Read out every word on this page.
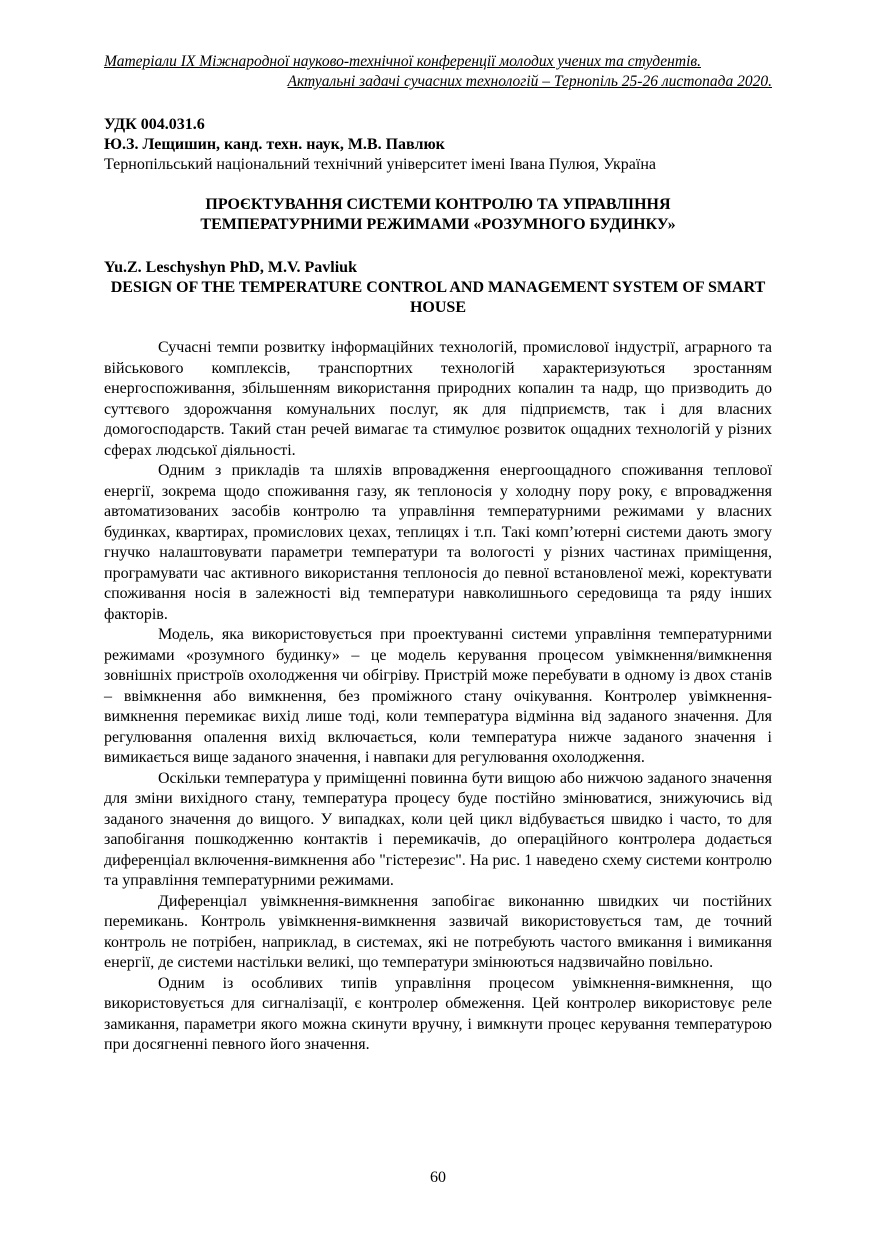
Матеріали IX Міжнародної науково-технічної конференції молодих учених та студентів.
Актуальні задачі сучасних технологій – Тернопіль 25-26 листопада 2020.
УДК 004.031.6
Ю.З. Лещишин, канд. техн. наук, М.В. Павлюк
Тернопільський національний технічний університет імені Івана Пулюя, Україна
ПРОЄКТУВАННЯ СИСТЕМИ КОНТРОЛЮ ТА УПРАВЛІННЯ
ТЕМПЕРАТУРНИМИ РЕЖИМАМИ «РОЗУМНОГО БУДИНКУ»
Yu.Z. Leschyshyn PhD, M.V. Pavliuk
DESIGN OF THE TEMPERATURE CONTROL AND MANAGEMENT SYSTEM OF SMART HOUSE

Сучасні темпи розвитку інформаційних технологій, промислової індустрії, аграрного та військового комплексів, транспортних технологій характеризуються зростанням енергоспоживання, збільшенням використання природних копалин та надр, що призводить до суттєвого здорожчання комунальних послуг, як для підприємств, так і для власних домогосподарств. Такий стан речей вимагає та стимулює розвиток ощадних технологій у різних сферах людської діяльності.

Одним з прикладів та шляхів впровадження енергоощадного споживання теплової енергії, зокрема щодо споживання газу, як теплоносія у холодну пору року, є впровадження автоматизованих засобів контролю та управління температурними режимами у власних будинках, квартирах, промислових цехах, теплицях і т.п. Такі комп’ютерні системи дають змогу гнучко налаштовувати параметри температури та вологості у різних частинах приміщення, програмувати час активного використання теплоносія до певної встановленої межі, коректувати споживання носія в залежності від температури навколишнього середовища та ряду інших факторів.

Модель, яка використовується при проектуванні системи управління температурними режимами «розумного будинку» – це модель керування процесом увімкнення/вимкнення зовнішніх пристроїв охолодження чи обігріву. Пристрій може перебувати в одному із двох станів – ввімкнення або вимкнення, без проміжного стану очікування. Контролер увімкнення-вимкнення перемикає вихід лише тоді, коли температура відмінна від заданого значення. Для регулювання опалення вихід включається, коли температура нижче заданого значення і вимикається вище заданого значення, і навпаки для регулювання охолодження.

Оскільки температура у приміщенні повинна бути вищою або нижчою заданого значення для зміни вихідного стану, температура процесу буде постійно змінюватися, знижуючись від заданого значення до вищого. У випадках, коли цей цикл відбувається швидко і часто, то для запобігання пошкодженню контактів і перемикачів, до операційного контролера додається диференціал включення-вимкнення або "гістерезис". На рис. 1 наведено схему системи контролю та управління температурними режимами.

Диференціал увімкнення-вимкнення запобігає виконанню швидких чи постійних перемикань. Контроль увімкнення-вимкнення зазвичай використовується там, де точний контроль не потрібен, наприклад, в системах, які не потребують частого вмикання і вимикання енергії, де системи настільки великі, що температури змінюються надзвичайно повільно.

Одним із особливих типів управління процесом увімкнення-вимкнення, що використовується для сигналізації, є контролер обмеження. Цей контролер використовує реле замикання, параметри якого можна скинути вручну, і вимкнути процес керування температурою при досягненні певного його значення.

60
